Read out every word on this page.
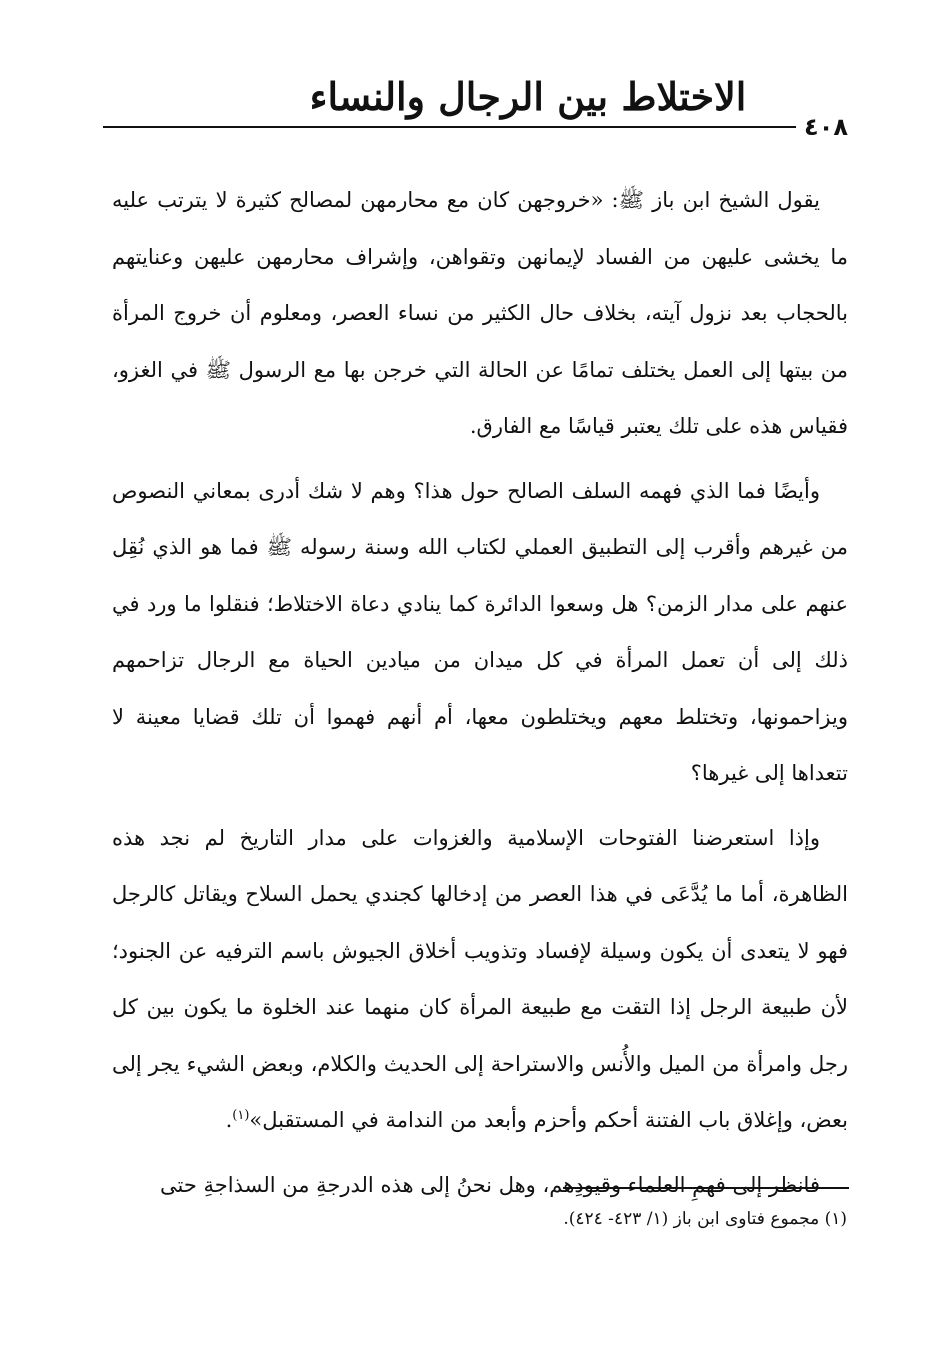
الاختلاط بين الرجال والنساء
٤٠٨

يقول الشيخ ابن باز ﷺ: «خروجهن كان مع محارمهن لمصالح كثيرة لا يترتب عليه ما يخشى عليهن من الفساد لإيمانهن وتقواهن، وإشراف محارمهن عليهن وعنايتهم بالحجاب بعد نزول آيته، بخلاف حال الكثير من نساء العصر، ومعلوم أن خروج المرأة من بيتها إلى العمل يختلف تمامًا عن الحالة التي خرجن بها مع الرسول ﷺ في الغزو، فقياس هذه على تلك يعتبر قياسًا مع الفارق.

وأيضًا فما الذي فهمه السلف الصالح حول هذا؟ وهم لا شك أدرى بمعاني النصوص من غيرهم وأقرب إلى التطبيق العملي لكتاب الله وسنة رسوله ﷺ فما هو الذي نُقِل عنهم على مدار الزمن؟ هل وسعوا الدائرة كما ينادي دعاة الاختلاط؛ فنقلوا ما ورد في ذلك إلى أن تعمل المرأة في كل ميدان من ميادين الحياة مع الرجال تزاحمهم ويزاحمونها، وتختلط معهم ويختلطون معها، أم أنهم فهموا أن تلك قضايا معينة لا تتعداها إلى غيرها؟

وإذا استعرضنا الفتوحات الإسلامية والغزوات على مدار التاريخ لم نجد هذه الظاهرة، أما ما يُدَّعَى في هذا العصر من إدخالها كجندي يحمل السلاح ويقاتل كالرجل فهو لا يتعدى أن يكون وسيلة لإفساد وتذويب أخلاق الجيوش باسم الترفيه عن الجنود؛ لأن طبيعة الرجل إذا التقت مع طبيعة المرأة كان منهما عند الخلوة ما يكون بين كل رجل وامرأة من الميل والأُنس والاستراحة إلى الحديث والكلام، وبعض الشيء يجر إلى بعض، وإغلاق باب الفتنة أحكم وأحزم وأبعد من الندامة في المستقبل»$^{(١)}$.

فانظر إلى فهمِ العلماء وقيودِهم، وهل نحنُ إلى هذه الدرجةِ من السذاجةِ حتى

(١) مجموع فتاوى ابن باز (١/ ٤٢٣- ٤٢٤).
